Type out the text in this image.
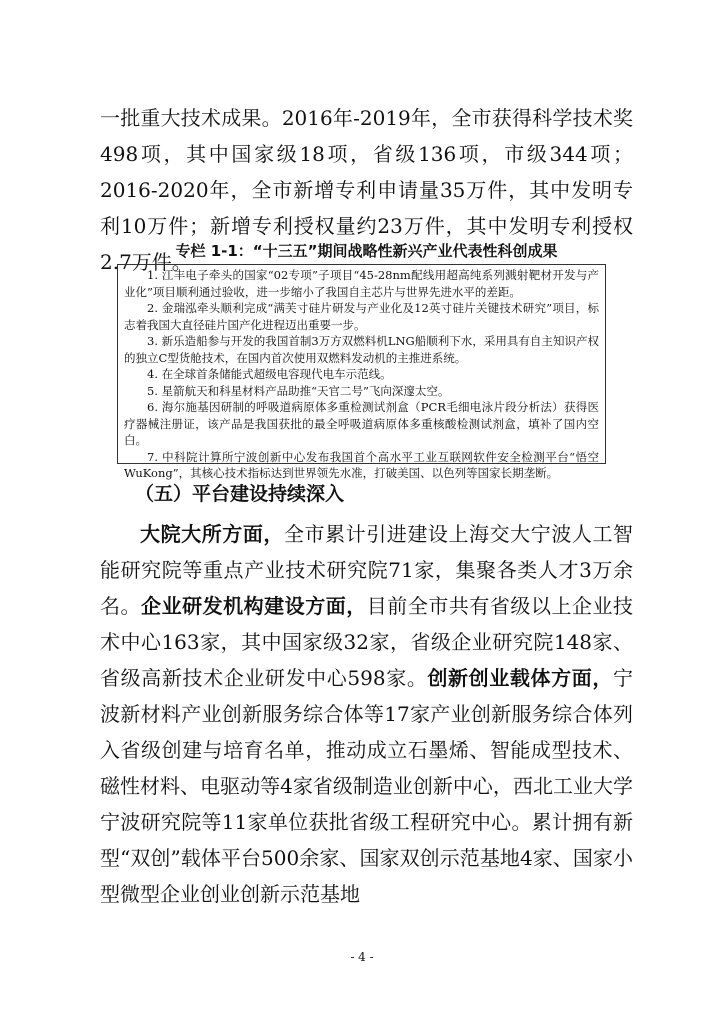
一批重大技术成果。2016年-2019年，全市获得科学技术奖498项，其中国家级18项，省级136项，市级344项；2016-2020年，全市新增专利申请量35万件，其中发明专利10万件；新增专利授权量约23万件，其中发明专利授权2.7万件。

专栏 1-1：“十三五”期间战略性新兴产业代表性科创成果

1. 江丰电子牵头的国家“02专项”子项目“45-28nm配线用超高纯系列溅射靶材开发与产业化”项目顺利通过验收，进一步缩小了我国自主芯片与世界先进水平的差距。

2. 金瑞泓牵头顺利完成“满芙寸硅片研发与产业化及12英寸硅片关键技术研究”项目，标志着我国大直径硅片国产化进程迈出重要一步。

3. 新乐造船参与开发的我国首制3万方双燃料机LNG船顺利下水，采用具有自主知识产权的独立C型货舱技术，在国内首次使用双燃料发动机的主推进系统。

4. 在全球首条储能式超级电容现代电车示范线。

5. 星箭航天和科星材料产品助推“天官二号”飞向深邃太空。

6. 海尔施基因研制的呼吸道病原体多重检测试剂盒（PCR毛细电泳片段分析法）获得医疗器械注册证，该产品是我国获批的最全呼吸道病原体多重核酸检测试剂盒，填补了国内空白。

7. 中科院计算所宁波创新中心发布我国首个高水平工业互联网软件安全检测平台“悟空 WuKong”，其核心技术指标达到世界领先水准，打破美国、以色列等国家长期垄断。

（五）平台建设持续深入

大院大所方面，全市累计引进建设上海交大宁波人工智能研究院等重点产业技术研究院71家，集聚各类人才3万余名。企业研发机构建设方面，目前全市共有省级以上企业技术中心163家，其中国家级32家，省级企业研究院148家、省级高新技术企业研发中心598家。创新创业载体方面，宁波新材料产业创新服务综合体等17家产业创新服务综合体列入省级创建与培育名单，推动成立石墨烯、智能成型技术、磁性材料、电驱动等4家省级制造业创新中心，西北工业大学宁波研究院等11家单位获批省级工程研究中心。累计拥有新型“双创”载体平台500余家、国家双创示范基地4家、国家小型微型企业创业创新示范基地

- 4 -
